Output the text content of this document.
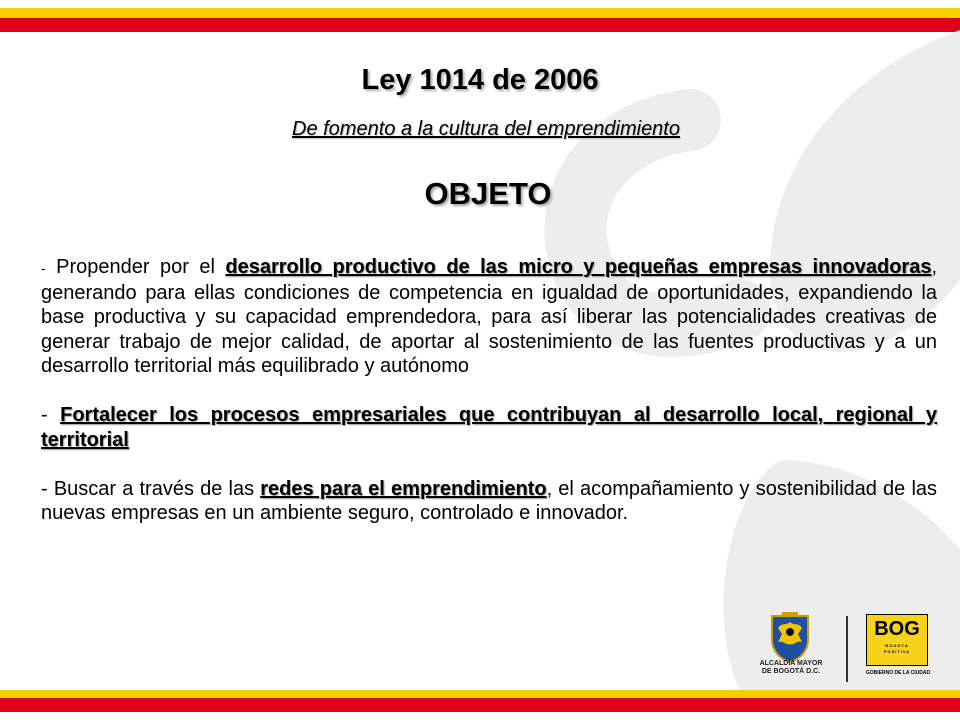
Ley 1014 de 2006
De fomento a la cultura del emprendimiento
OBJETO

- Propender por el desarrollo productivo de las micro y pequeñas empresas innovadoras, generando para ellas condiciones de competencia en igualdad de oportunidades, expandiendo la base productiva y su capacidad emprendedora, para así liberar las potencialidades creativas de generar trabajo de mejor calidad, de aportar al sostenimiento de las fuentes productivas y a un desarrollo territorial más equilibrado y autónomo

- Fortalecer los procesos empresariales que contribuyan al desarrollo local, regional y territorial

- Buscar a través de las redes para el emprendimiento, el acompañamiento y sostenibilidad de las nuevas empresas en un ambiente seguro, controlado e innovador.

ALCALDÍA MAYOR
DE BOGOTÁ D.C.
BOG
BOGOTÁ
POSITIVA
GOBIERNO DE LA CIUDAD
